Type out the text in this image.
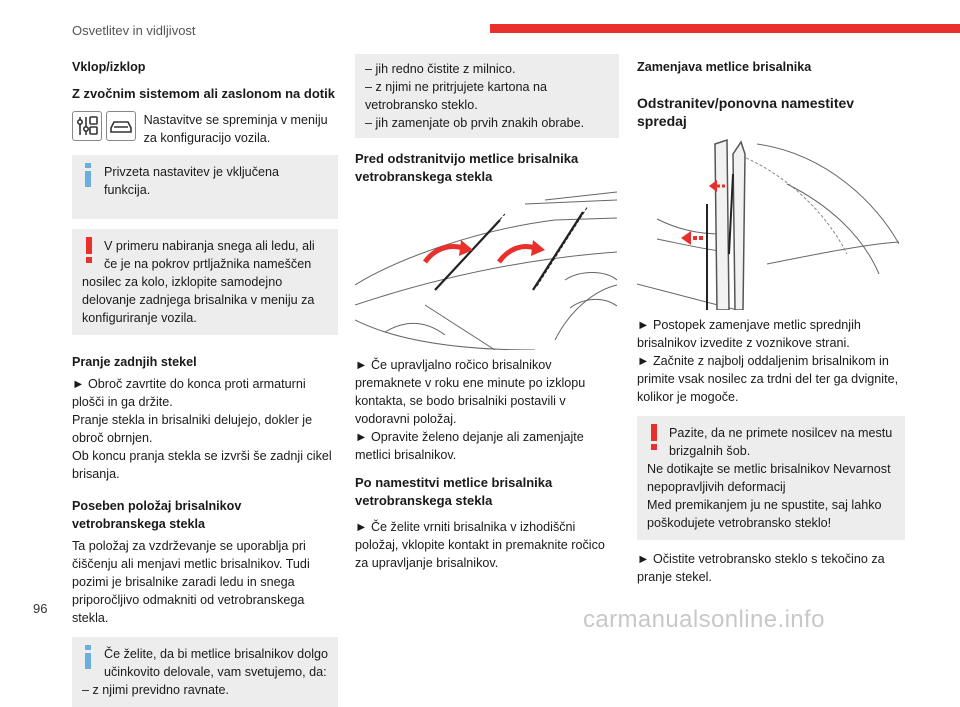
Osvetlitev in vidljivost

Vklop/izklop

Z zvočnim sistemom ali zaslonom na dotik

Nastavitve se spreminja v meniju za konfiguracijo vozila.

Privzeta nastavitev je vključena funkcija.

V primeru nabiranja snega ali ledu, ali če je na pokrov prtljažnika nameščen

nosilec za kolo, izklopite samodejno delovanje zadnjega brisalnika v meniju za konfiguriranje vozila.

Pranje zadnjih stekel

► Obroč zavrtite do konca proti armaturni plošči in ga držite.

Pranje stekla in brisalniki delujejo, dokler je obroč obrnjen.

Ob koncu pranja stekla se izvrši še zadnji cikel brisanja.

Poseben položaj brisalnikov vetrobranskega stekla

Ta položaj za vzdrževanje se uporablja pri čiščenju ali menjavi metlic brisalnikov. Tudi pozimi je brisalnike zaradi ledu in snega priporočljivo odmakniti od vetrobranskega stekla.

Če želite, da bi metlice brisalnikov dolgo učinkovito delovale, vam svetujemo, da:

– z njimi previdno ravnate.

– jih redno čistite z milnico.

– z njimi ne pritrjujete kartona na vetrobransko steklo.

– jih zamenjate ob prvih znakih obrabe.

Pred odstranitvijo metlice brisalnika vetrobranskega stekla

► Če upravljalno ročico brisalnikov premaknete v roku ene minute po izklopu kontakta, se bodo brisalniki postavili v vodoravni položaj.

► Opravite želeno dejanje ali zamenjajte metlici brisalnikov.

Po namestitvi metlice brisalnika vetrobranskega stekla

► Če želite vrniti brisalnika v izhodiščni položaj, vklopite kontakt in premaknite ročico za upravljanje brisalnikov.

Zamenjava metlice brisalnika

Odstranitev/ponovna namestitev spredaj

► Postopek zamenjave metlic sprednjih brisalnikov izvedite z voznikove strani.

► Začnite z najbolj oddaljenim brisalnikom in primite vsak nosilec za trdni del ter ga dvignite, kolikor je mogoče.

Pazite, da ne primete nosilcev na mestu brizgalnih šob.

Ne dotikajte se metlic brisalnikov Nevarnost nepopravljivih deformacij

Med premikanjem ju ne spustite, saj lahko poškodujete vetrobransko steklo!

► Očistite vetrobransko steklo s tekočino za pranje stekel.

96	carmanualsonline.info
